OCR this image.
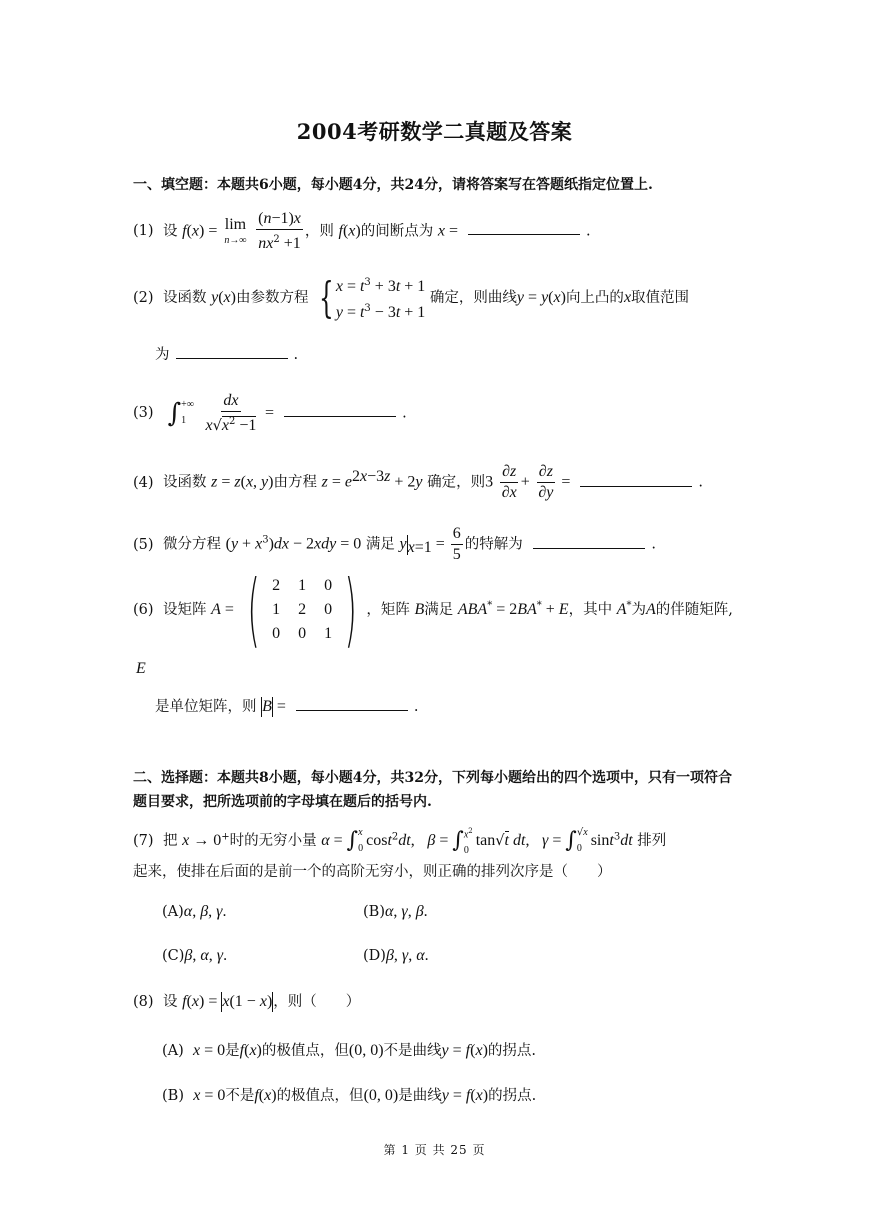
2004考研数学二真题及答案
一、填空题：本题共6小题，每小题4分，共24分，请将答案写在答题纸指定位置上.
(1) 设 f(x) = lim
n→∞
$\frac{(n-1)x}{nx^2 +1}$ ，则 f(x)的间断点为 x =	.
(2) 设函数 y(x)由参数方程 { $x = t^3 + 3t + 1$
$y = t^3 - 3t + 1$
确定，则曲线y = y(x)向上凸的x取值范围
为	.
(3) ∫ +∞
1
	$\frac{dx}{x√x^2 -1}$ =	.
(4) 设函数 z = z(x, y)由方程 $z = e^{2x-3z} + 2y$ 确定，则$3 \frac{\partial z}{\partial x} + \frac{\partial z}{\partial y}$ =	.
(5) 微分方程 $(y + x^3)dx - 2xdy = 0$ 满足 $y_{x=1} = \frac{6}{5}$ 的特解为	.
(6) 设矩阵 A = ( 2	1	0
1	2	0
0	0	1 ) ，矩阵 B满足 ABA* = 2BA* + E，其中 A*为A的伴随矩阵,
E
是单位矩阵，则 B =	.
二、选择题：本题共8小题，每小题4分，共32分，下列每小题给出的四个选项中，只有一项符合题目要求，把所选项前的字母填在题后的括号内.
(7) 把 x → 0+时的无穷小量 α = ∫ x
0 cost$^2$dt,   β = ∫ $x^2$
0
tan√t dt,   γ = ∫ √x
0 sint$^3$dt 排列
起来，使排在后面的是前一个的高阶无穷小，则正确的排列次序是（　　）
(A)α, β, γ.	(B)α, γ, β.
(C)β, α, γ.	(D)β, γ, α.
(8) 设 f(x) = x(1 − x)，则（　　）
(A) x = 0是f(x)的极值点，但(0, 0)不是曲线y = f(x)的拐点.
(B) x = 0不是f(x)的极值点，但(0, 0)是曲线y = f(x)的拐点.
第 1 页 共 25 页
